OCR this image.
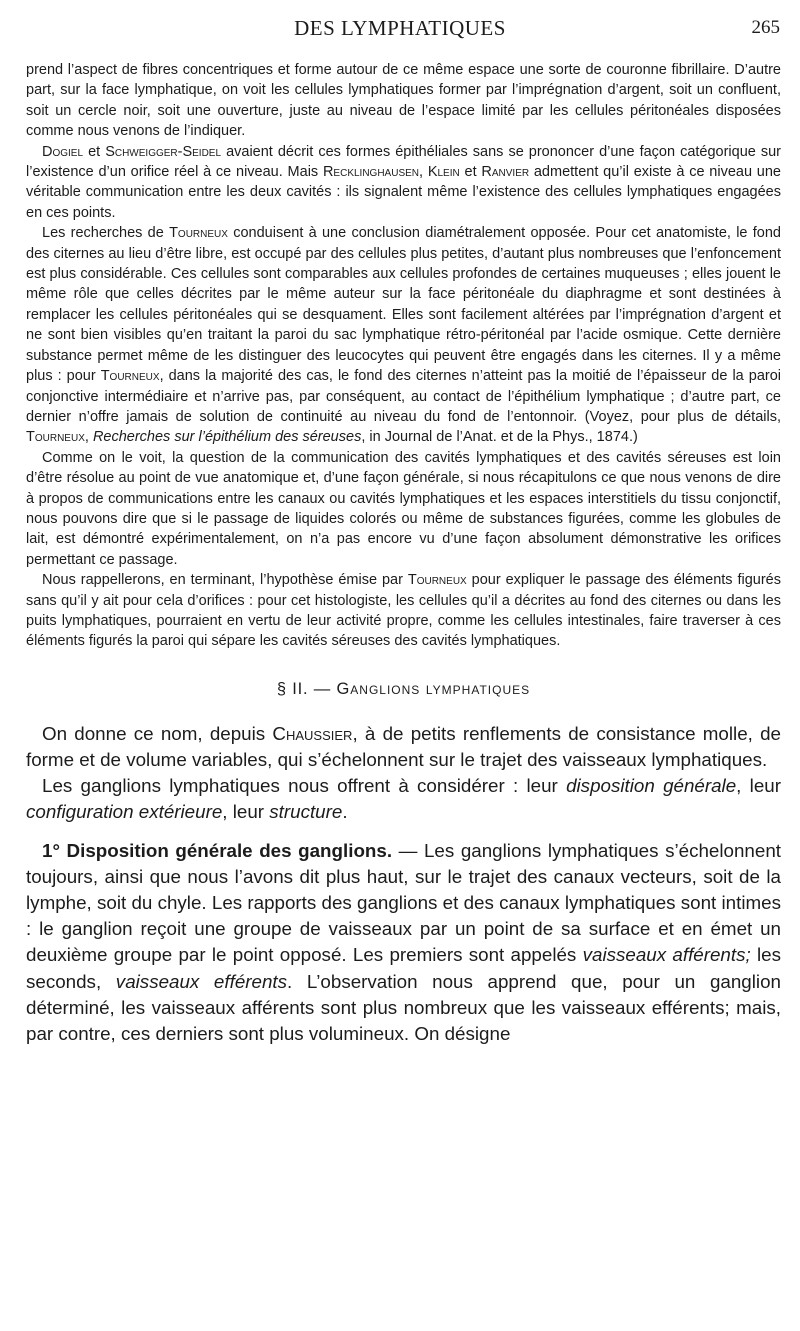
DES LYMPHATIQUES	265

prend l’aspect de fibres concentriques et forme autour de ce même espace une sorte de couronne fibrillaire. D’autre part, sur la face lymphatique, on voit les cellules lymphatiques former par l’imprégnation d’argent, soit un confluent, soit un cercle noir, soit une ouverture, juste au niveau de l’espace limité par les cellules péritonéales disposées comme nous venons de l’indiquer.

Dogiel et Schweigger-Seidel avaient décrit ces formes épithéliales sans se prononcer d’une façon catégorique sur l’existence d’un orifice réel à ce niveau. Mais Recklinghausen, Klein et Ranvier admettent qu’il existe à ce niveau une véritable communication entre les deux cavités : ils signalent même l’existence des cellules lymphatiques engagées en ces points.

Les recherches de Tourneux conduisent à une conclusion diamétralement opposée. Pour cet anatomiste, le fond des citernes au lieu d’être libre, est occupé par des cellules plus petites, d’autant plus nombreuses que l’enfoncement est plus considérable. Ces cellules sont comparables aux cellules profondes de certaines muqueuses ; elles jouent le même rôle que celles décrites par le même auteur sur la face péritonéale du diaphragme et sont destinées à remplacer les cellules péritonéales qui se desquament. Elles sont facilement altérées par l’imprégnation d’argent et ne sont bien visibles qu’en traitant la paroi du sac lymphatique rétro-péritonéal par l’acide osmique. Cette dernière substance permet même de les distinguer des leucocytes qui peuvent être engagés dans les citernes. Il y a même plus : pour Tourneux, dans la majorité des cas, le fond des citernes n’atteint pas la moitié de l’épaisseur de la paroi conjonctive intermédiaire et n’arrive pas, par conséquent, au contact de l’épithélium lymphatique ; d’autre part, ce dernier n’offre jamais de solution de continuité au niveau du fond de l’entonnoir. (Voyez, pour plus de détails, Tourneux, Recherches sur l’épithélium des séreuses, in Journal de l’Anat. et de la Phys., 1874.)

Comme on le voit, la question de la communication des cavités lymphatiques et des cavités séreuses est loin d’être résolue au point de vue anatomique et, d’une façon générale, si nous récapitulons ce que nous venons de dire à propos de communications entre les canaux ou cavités lymphatiques et les espaces interstitiels du tissu conjonctif, nous pouvons dire que si le passage de liquides colorés ou même de substances figurées, comme les globules de lait, est démontré expérimentalement, on n’a pas encore vu d’une façon absolument démonstrative les orifices permettant ce passage.

Nous rappellerons, en terminant, l’hypothèse émise par Tourneux pour expliquer le passage des éléments figurés sans qu’il y ait pour cela d’orifices : pour cet histologiste, les cellules qu’il a décrites au fond des citernes ou dans les puits lymphatiques, pourraient en vertu de leur activité propre, comme les cellules intestinales, faire traverser à ces éléments figurés la paroi qui sépare les cavités séreuses des cavités lymphatiques.

§ II. — Ganglions lymphatiques

On donne ce nom, depuis Chaussier, à de petits renflements de consistance molle, de forme et de volume variables, qui s’échelonnent sur le trajet des vaisseaux lymphatiques.

Les ganglions lymphatiques nous offrent à considérer : leur disposition générale, leur configuration extérieure, leur structure.

1° Disposition générale des ganglions. — Les ganglions lymphatiques s’échelonnent toujours, ainsi que nous l’avons dit plus haut, sur le trajet des canaux vecteurs, soit de la lymphe, soit du chyle. Les rapports des ganglions et des canaux lymphatiques sont intimes : le ganglion reçoit une groupe de vaisseaux par un point de sa surface et en émet un deuxième groupe par le point opposé. Les premiers sont appelés vaisseaux afférents; les seconds, vaisseaux efférents. L’observation nous apprend que, pour un ganglion déterminé, les vaisseaux afférents sont plus nombreux que les vaisseaux efférents; mais, par contre, ces derniers sont plus volumineux. On désigne
